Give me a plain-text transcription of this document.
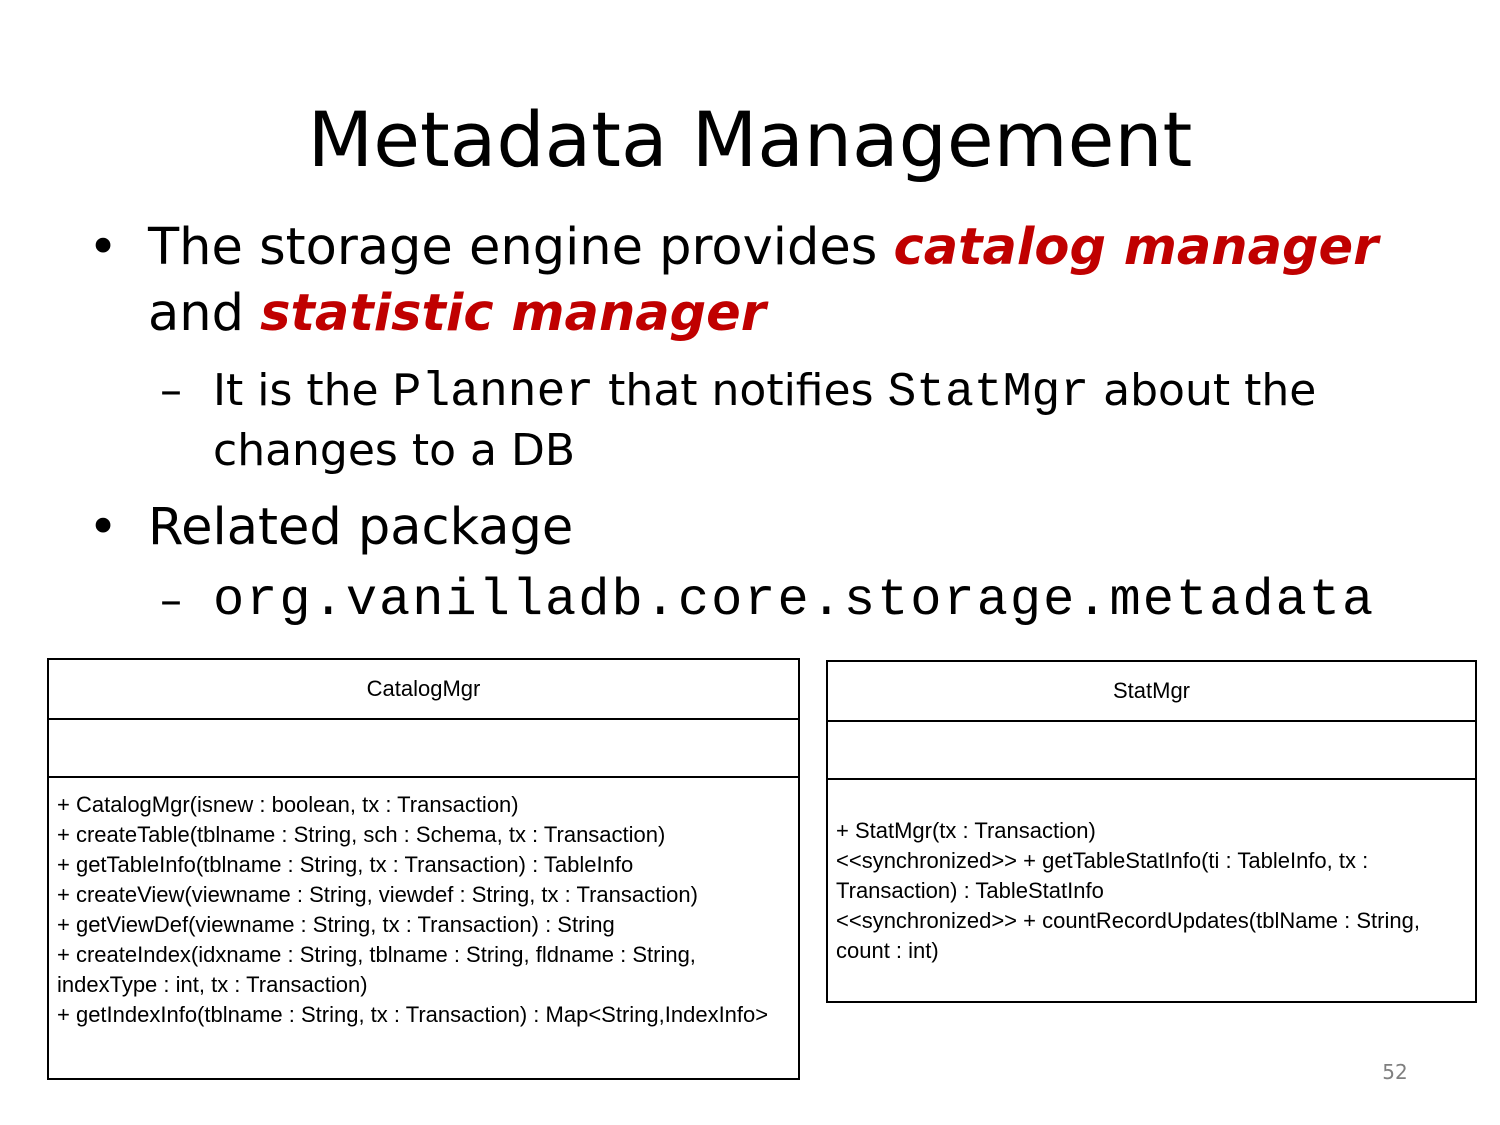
Metadata Management
• The storage engine provides catalog manager and statistic manager
– It is the Planner that notifies StatMgr about the changes to a DB
• Related package
– org.vanilladb.core.storage.metadata
CatalogMgr
+ CatalogMgr(isnew : boolean, tx : Transaction)
+ createTable(tblname : String, sch : Schema, tx : Transaction)
+ getTableInfo(tblname : String, tx : Transaction) : TableInfo
+ createView(viewname : String, viewdef : String, tx : Transaction)
+ getViewDef(viewname : String, tx : Transaction) : String
+ createIndex(idxname : String, tblname : String, fldname : String, indexType : int, tx : Transaction)
+ getIndexInfo(tblname : String, tx : Transaction) : Map<String,IndexInfo>
StatMgr
+ StatMgr(tx : Transaction)
<<synchronized>> + getTableStatInfo(ti : TableInfo, tx : Transaction) : TableStatInfo
<<synchronized>> + countRecordUpdates(tblName : String, count : int)
52
